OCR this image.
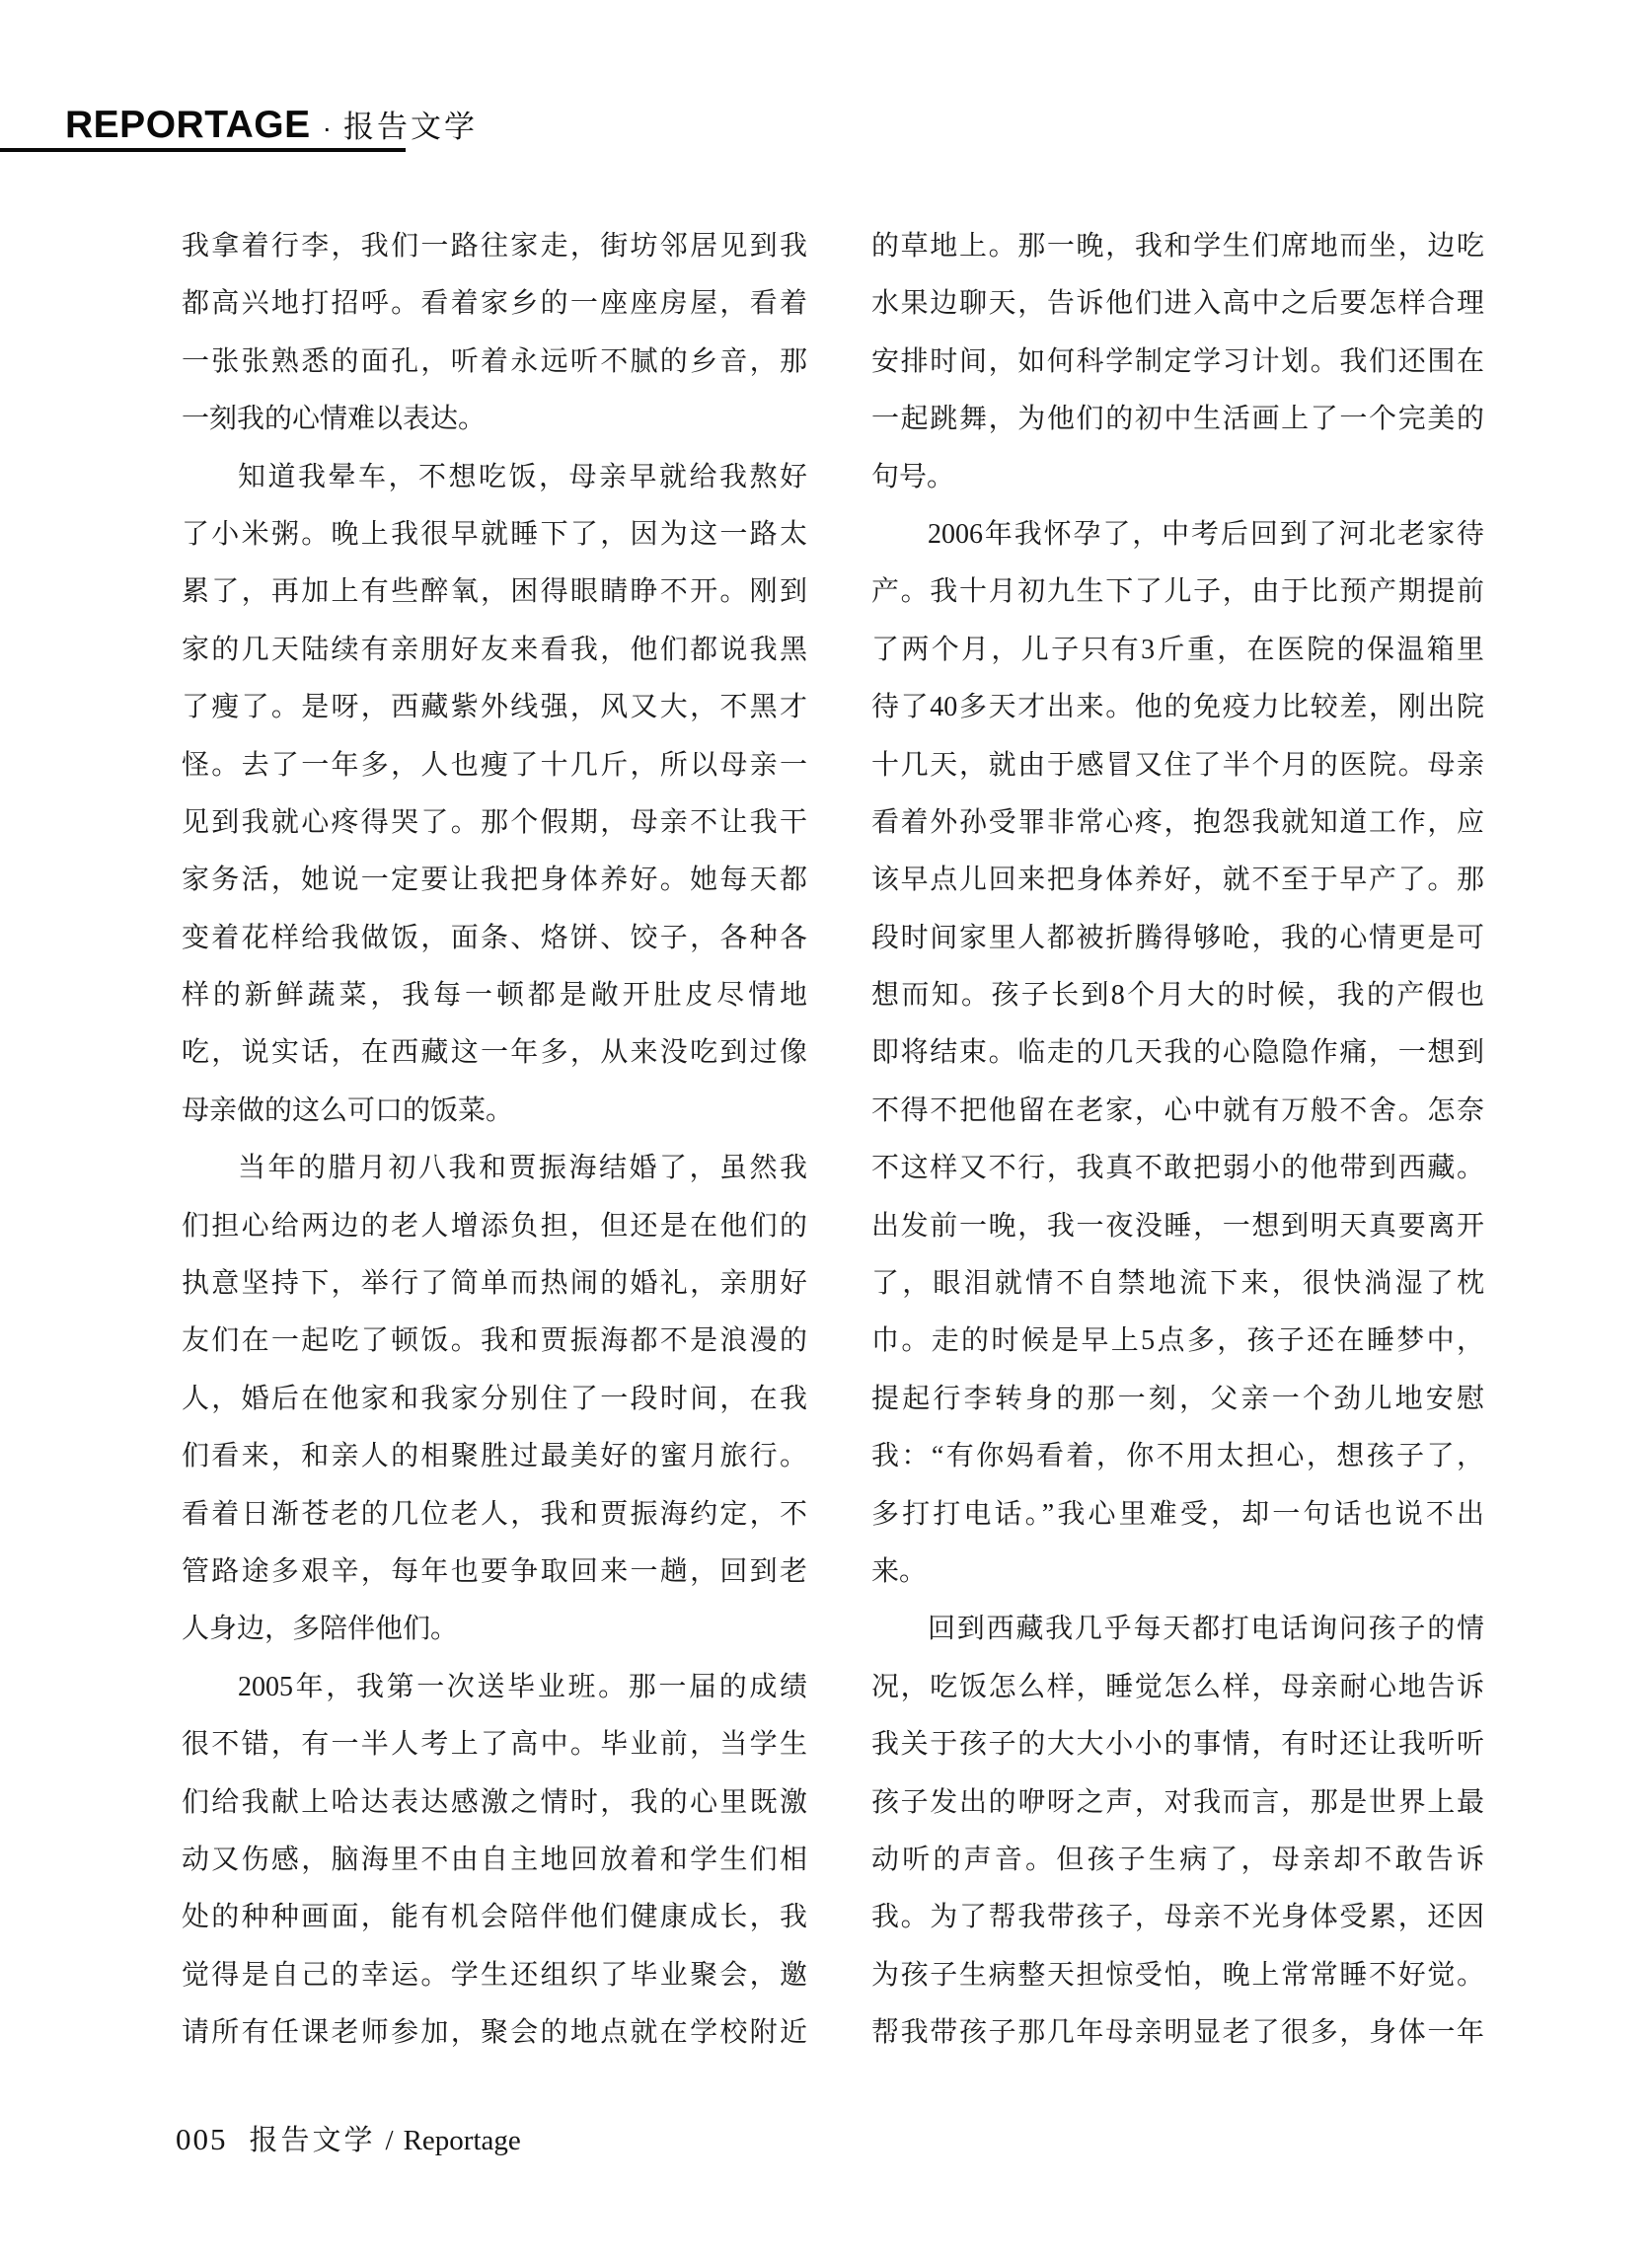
REPORTAGE · 报告文学
我拿着行李，我们一路往家走，街坊邻居见到我
都高兴地打招呼。看着家乡的一座座房屋，看着
一张张熟悉的面孔，听着永远听不腻的乡音，那
一刻我的心情难以表达。
知道我晕车，不想吃饭，母亲早就给我熬好
了小米粥。晚上我很早就睡下了，因为这一路太
累了，再加上有些醉氧，困得眼睛睁不开。刚到
家的几天陆续有亲朋好友来看我，他们都说我黑
了瘦了。是呀，西藏紫外线强，风又大，不黑才
怪。去了一年多，人也瘦了十几斤，所以母亲一
见到我就心疼得哭了。那个假期，母亲不让我干
家务活，她说一定要让我把身体养好。她每天都
变着花样给我做饭，面条、烙饼、饺子，各种各
样的新鲜蔬菜，我每一顿都是敞开肚皮尽情地
吃，说实话，在西藏这一年多，从来没吃到过像
母亲做的这么可口的饭菜。
当年的腊月初八我和贾振海结婚了，虽然我
们担心给两边的老人增添负担，但还是在他们的
执意坚持下，举行了简单而热闹的婚礼，亲朋好
友们在一起吃了顿饭。我和贾振海都不是浪漫的
人，婚后在他家和我家分别住了一段时间，在我
们看来，和亲人的相聚胜过最美好的蜜月旅行。
看着日渐苍老的几位老人，我和贾振海约定，不
管路途多艰辛，每年也要争取回来一趟，回到老
人身边，多陪伴他们。
2005年，我第一次送毕业班。那一届的成绩
很不错，有一半人考上了高中。毕业前，当学生
们给我献上哈达表达感激之情时，我的心里既激
动又伤感，脑海里不由自主地回放着和学生们相
处的种种画面，能有机会陪伴他们健康成长，我
觉得是自己的幸运。学生还组织了毕业聚会，邀
请所有任课老师参加，聚会的地点就在学校附近
的草地上。那一晚，我和学生们席地而坐，边吃
水果边聊天，告诉他们进入高中之后要怎样合理
安排时间，如何科学制定学习计划。我们还围在
一起跳舞，为他们的初中生活画上了一个完美的
句号。
2006年我怀孕了，中考后回到了河北老家待
产。我十月初九生下了儿子，由于比预产期提前
了两个月，儿子只有3斤重，在医院的保温箱里
待了40多天才出来。他的免疫力比较差，刚出院
十几天，就由于感冒又住了半个月的医院。母亲
看着外孙受罪非常心疼，抱怨我就知道工作，应
该早点儿回来把身体养好，就不至于早产了。那
段时间家里人都被折腾得够呛，我的心情更是可
想而知。孩子长到8个月大的时候，我的产假也
即将结束。临走的几天我的心隐隐作痛，一想到
不得不把他留在老家，心中就有万般不舍。怎奈
不这样又不行，我真不敢把弱小的他带到西藏。
出发前一晚，我一夜没睡，一想到明天真要离开
了，眼泪就情不自禁地流下来，很快淌湿了枕
巾。走的时候是早上5点多，孩子还在睡梦中，
提起行李转身的那一刻，父亲一个劲儿地安慰
我：“有你妈看着，你不用太担心，想孩子了，
多打打电话。”我心里难受，却一句话也说不出
来。
回到西藏我几乎每天都打电话询问孩子的情
况，吃饭怎么样，睡觉怎么样，母亲耐心地告诉
我关于孩子的大大小小的事情，有时还让我听听
孩子发出的咿呀之声，对我而言，那是世界上最
动听的声音。但孩子生病了，母亲却不敢告诉
我。为了帮我带孩子，母亲不光身体受累，还因
为孩子生病整天担惊受怕，晚上常常睡不好觉。
帮我带孩子那几年母亲明显老了很多，身体一年
005 报告文学 / Reportage
